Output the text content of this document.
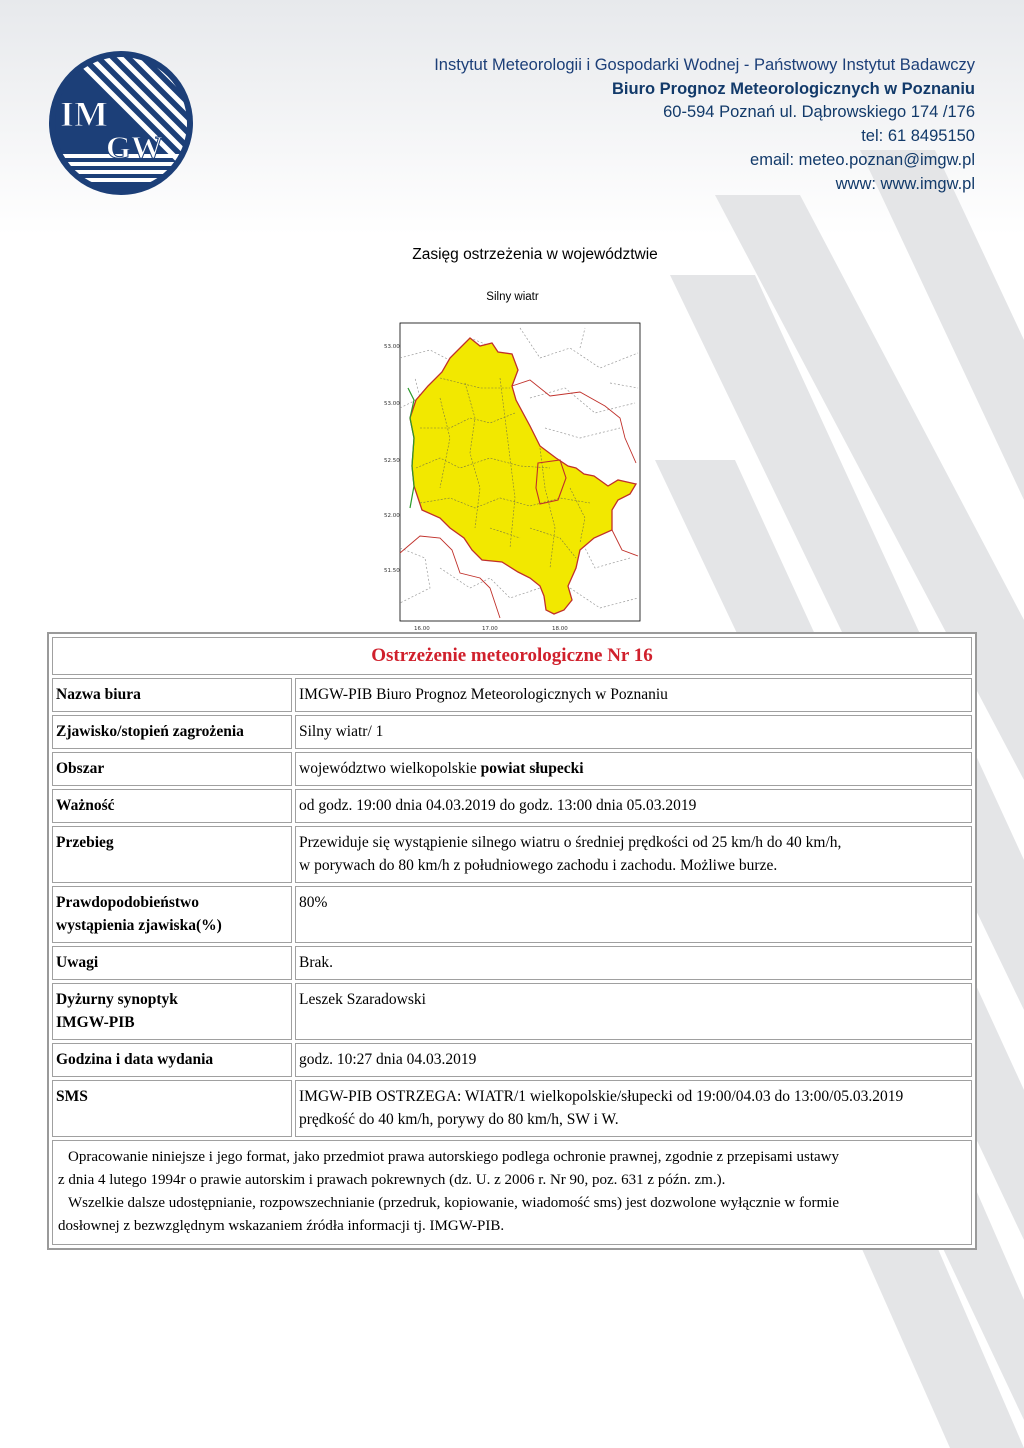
IM
GW
Instytut Meteorologii i Gospodarki Wodnej - Państwowy Instytut Badawczy
Biuro Prognoz Meteorologicznych w Poznaniu
60-594 Poznań ul. Dąbrowskiego 174 /176
tel: 61 8495150
email: meteo.poznan@imgw.pl
www: www.imgw.pl
Zasięg ostrzeżenia w województwie
Silny wiatr
53.00
53.00
52.50
52.00
51.50
16.00	17.00	18.00
Ostrzeżenie meteorologiczne Nr 16	
Nazwa biura	IMGW-PIB Biuro Prognoz Meteorologicznych w Poznaniu
Zjawisko/stopień zagrożenia	Silny wiatr/ 1
Obszar	województwo wielkopolskie powiat słupecki
Ważność	od godz. 19:00 dnia 04.03.2019 do godz. 13:00 dnia 05.03.2019
Przebieg	Przewiduje się wystąpienie silnego wiatru o średniej prędkości od 25 km/h do 40 km/h,
w porywach do 80 km/h z południowego zachodu i zachodu. Możliwe burze.

Prawdopodobieństwo
wystąpienia zjawiska(%)	80%
Uwagi	Brak.

Dyżurny synoptyk
IMGW-PIB	Leszek Szaradowski
Godzina i data wydania	godz. 10:27 dnia 04.03.2019
SMS	IMGW-PIB OSTRZEGA: WIATR/1 wielkopolskie/słupecki od 19:00/04.03 do 13:00/05.03.2019
prędkość do 40 km/h, porywy do 80 km/h, SW i W.

Opracowanie niniejsze i jego format, jako przedmiot prawa autorskiego podlega ochronie prawnej, zgodnie z przepisami ustawy
z dnia 4 lutego 1994r o prawie autorskim i prawach pokrewnych (dz. U. z 2006 r. Nr 90, poz. 631 z późn. zm.).
Wszelkie dalsze udostępnianie, rozpowszechnianie (przedruk, kopiowanie, wiadomość sms) jest dozwolone wyłącznie w formie
dosłownej z bezwzględnym wskazaniem źródła informacji tj. IMGW-PIB.	
